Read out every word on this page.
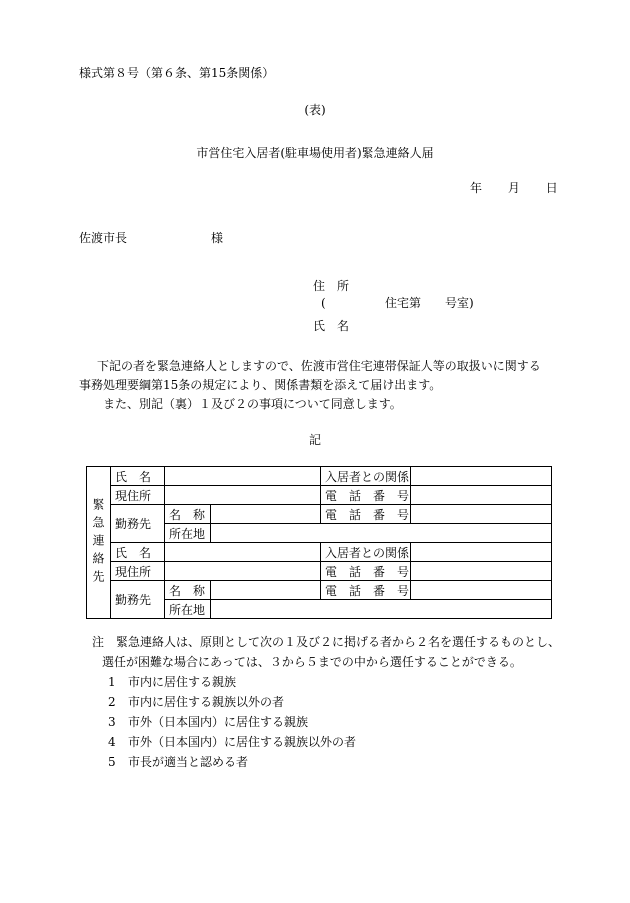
様式第８号（第６条、第15条関係）
(表)
市営住宅入居者(駐車場使用者)緊急連絡人届
年 月 日
佐渡市長	様
住　所
(	住宅第 号室)
氏　名

下記の者を緊急連絡人としますので、佐渡市営住宅連帯保証人等の取扱いに関する事務処理要綱第15条の規定により、関係書類を添えて届け出ます。

また、別記（裏）１及び２の事項について同意します。

記
緊急連絡先	氏　名			入居者との関係	
	現住所			電　話　番　号	
	勤務先	名　称		電　話　番　号	
		所在地			
	氏　名			入居者との関係	
	現住所			電　話　番　号	
	勤務先	名　称		電　話　番　号	
		所在地			
注　緊急連絡人は、原則として次の１及び２に掲げる者から２名を選任するものとし、
選任が困難な場合にあっては、３から５までの中から選任することができる。
1 市内に居住する親族
2 市内に居住する親族以外の者
3 市外（日本国内）に居住する親族
4 市外（日本国内）に居住する親族以外の者
5 市長が適当と認める者
